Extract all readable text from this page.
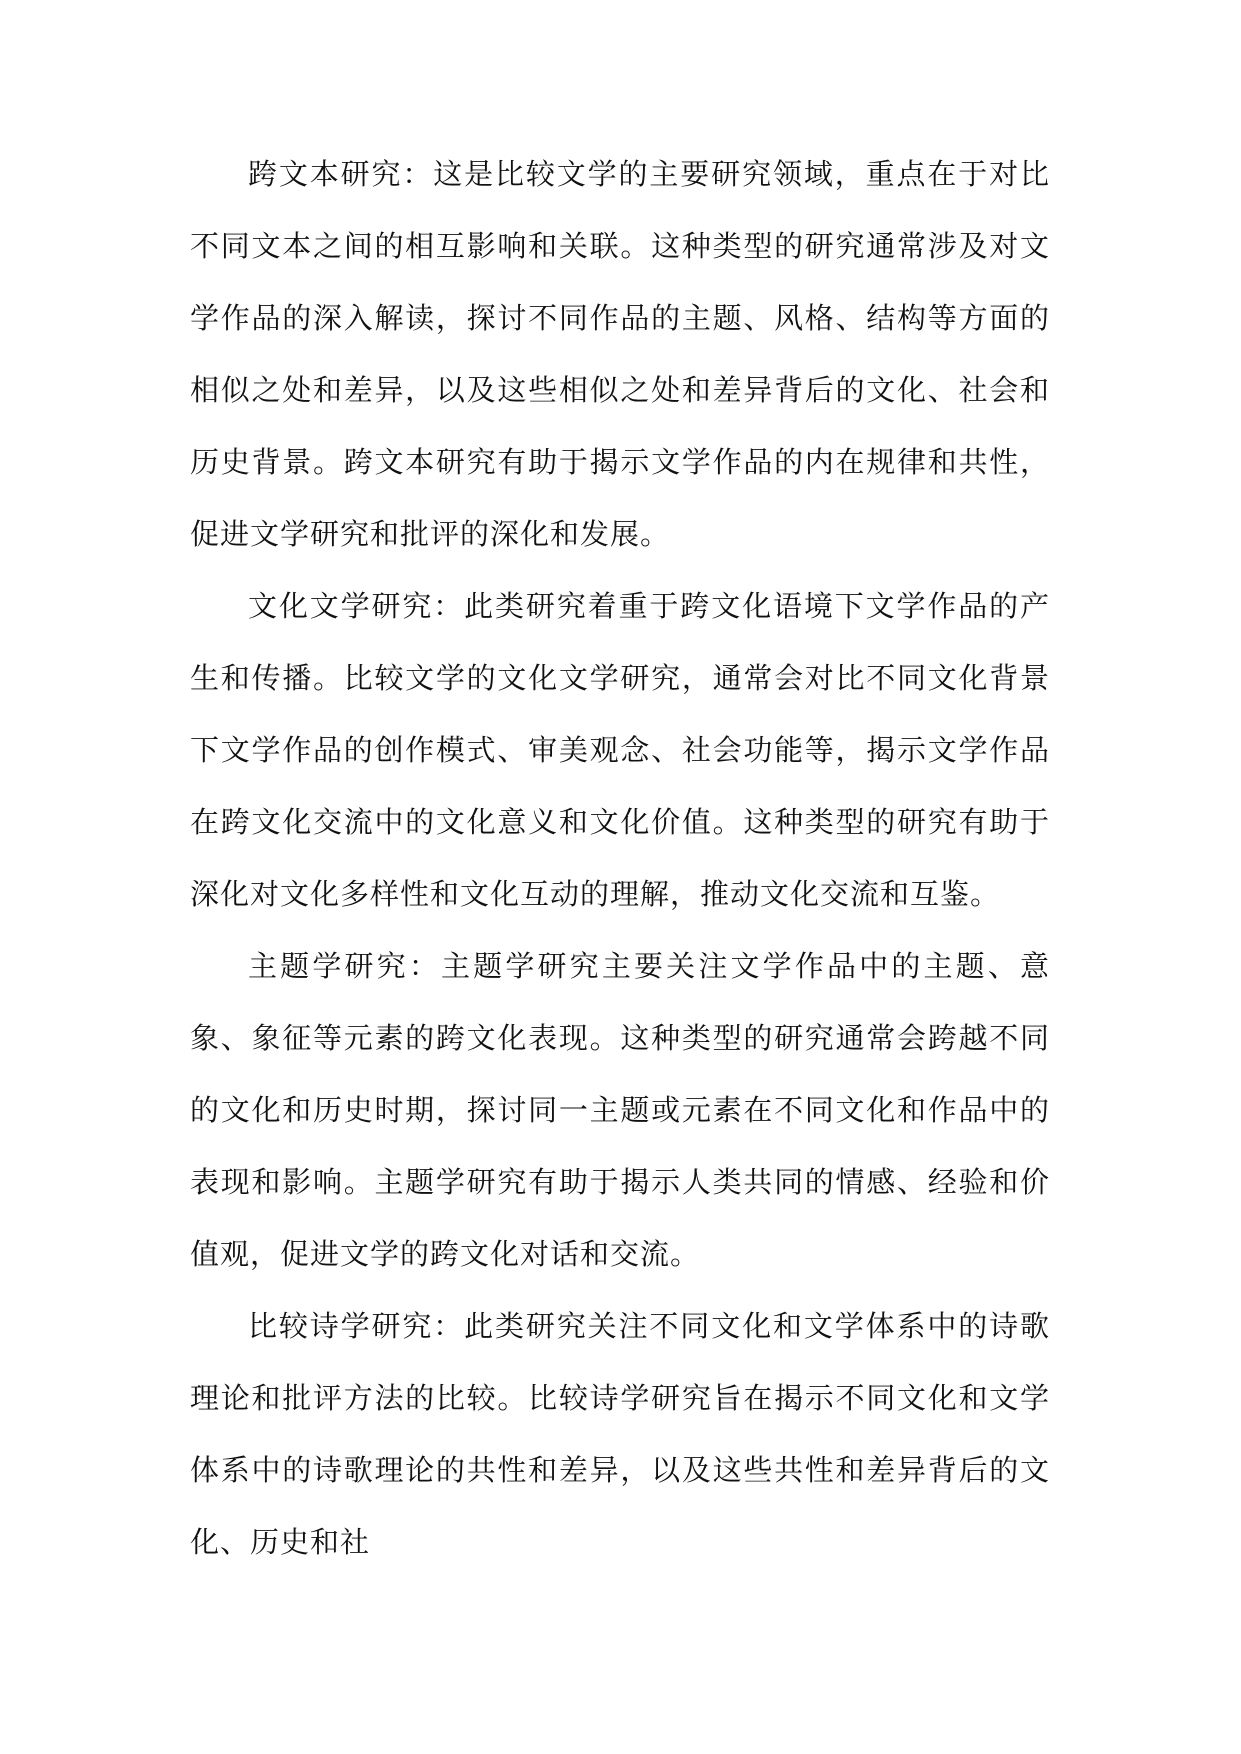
跨文本研究：这是比较文学的主要研究领域，重点在于对比不同文本之间的相互影响和关联。这种类型的研究通常涉及对文学作品的深入解读，探讨不同作品的主题、风格、结构等方面的相似之处和差异，以及这些相似之处和差异背后的文化、社会和历史背景。跨文本研究有助于揭示文学作品的内在规律和共性，促进文学研究和批评的深化和发展。

文化文学研究：此类研究着重于跨文化语境下文学作品的产生和传播。比较文学的文化文学研究，通常会对比不同文化背景下文学作品的创作模式、审美观念、社会功能等，揭示文学作品在跨文化交流中的文化意义和文化价值。这种类型的研究有助于深化对文化多样性和文化互动的理解，推动文化交流和互鉴。

主题学研究：主题学研究主要关注文学作品中的主题、意象、象征等元素的跨文化表现。这种类型的研究通常会跨越不同的文化和历史时期，探讨同一主题或元素在不同文化和作品中的表现和影响。主题学研究有助于揭示人类共同的情感、经验和价值观，促进文学的跨文化对话和交流。

比较诗学研究：此类研究关注不同文化和文学体系中的诗歌理论和批评方法的比较。比较诗学研究旨在揭示不同文化和文学体系中的诗歌理论的共性和差异，以及这些共性和差异背后的文化、历史和社
